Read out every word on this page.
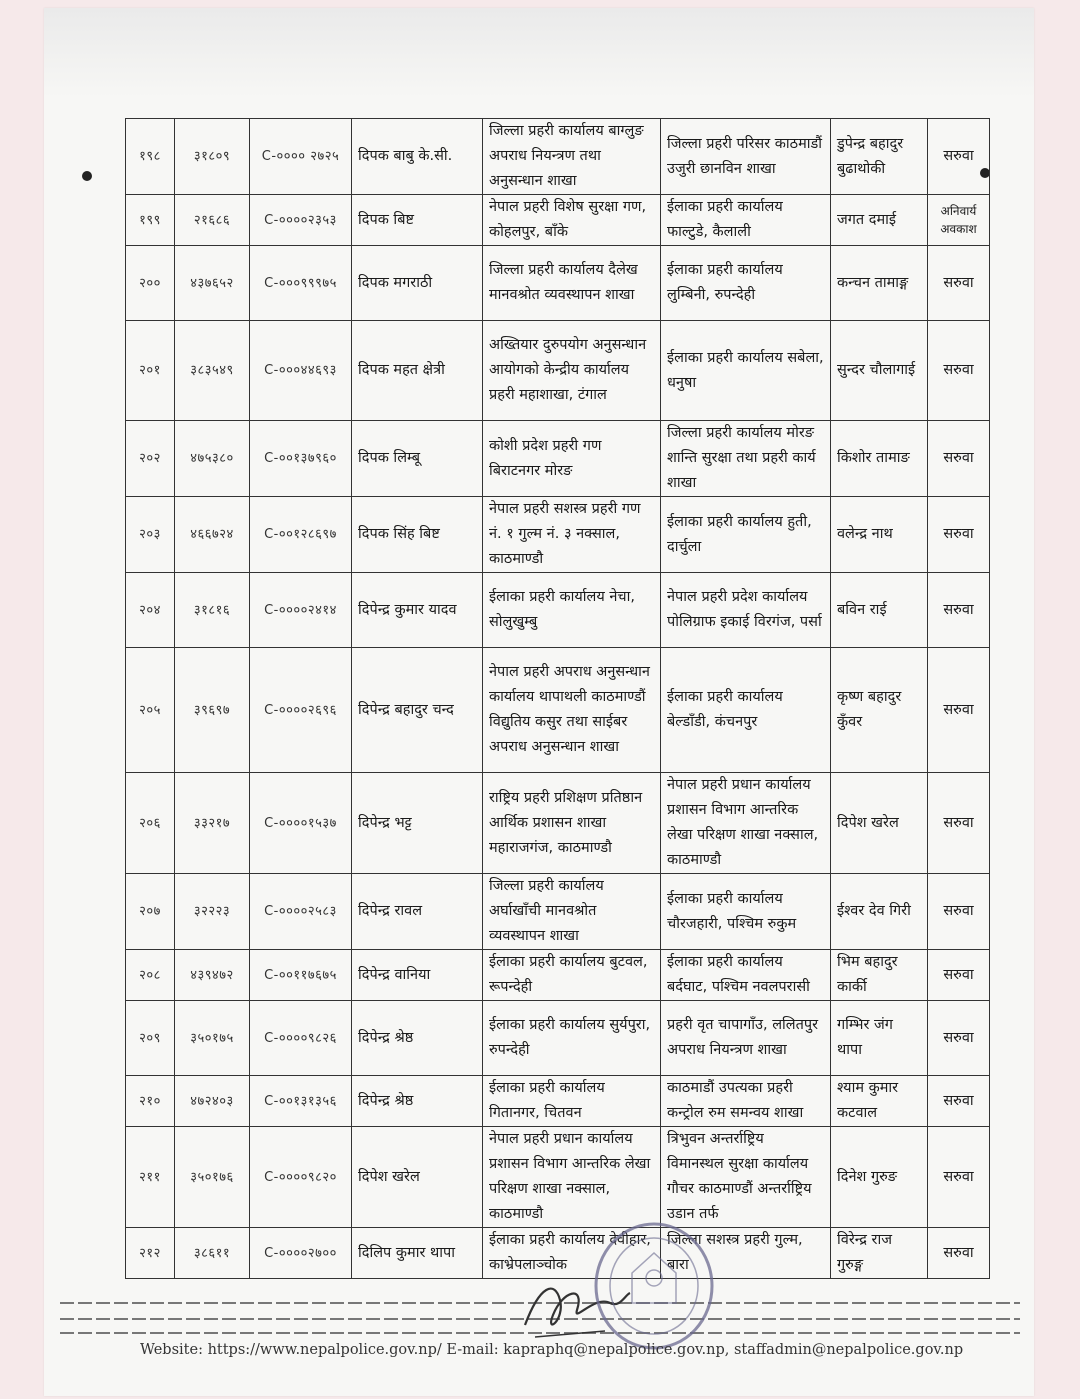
१९८	३१८०९	C-०००० २७२५	दिपक बाबु के.सी.	जिल्ला प्रहरी कार्यालय बाग्लुङ अपराध नियन्त्रण तथा अनुसन्धान शाखा	जिल्ला प्रहरी परिसर काठमाडौं उजुरी छानविन शाखा	डुपेन्द्र बहादुर बुढाथोकी	सरुवा
१९९	२१६८६	C-००००२३५३	दिपक बिष्ट	नेपाल प्रहरी विशेष सुरक्षा गण, कोहलपुर, बाँके	ईलाका प्रहरी कार्यालय फाल्टुडे, कैलाली	जगत दमाई	अनिवार्य अवकाश
२००	४३७६५२	C-०००९९९७५	दिपक मगराठी	जिल्ला प्रहरी कार्यालय दैलेख मानवश्रोत व्यवस्थापन शाखा	ईलाका प्रहरी कार्यालय लुम्बिनी, रुपन्देही	कन्चन तामाङ्ग	सरुवा
२०१	३८३५४९	C-०००४४६९३	दिपक महत क्षेत्री	अख्तियार दुरुपयोग अनुसन्धान आयोगको केन्द्रीय कार्यालय प्रहरी महाशाखा, टंगाल	ईलाका प्रहरी कार्यालय सबेला, धनुषा	सुन्दर चौलागाई	सरुवा
२०२	४७५३८०	C-००१३७९६०	दिपक लिम्बू	कोशी प्रदेश प्रहरी गण बिराटनगर मोरङ	जिल्ला प्रहरी कार्यालय मोरङ शान्ति सुरक्षा तथा प्रहरी कार्य शाखा	किशोर तामाङ	सरुवा
२०३	४६६७२४	C-००१२८६९७	दिपक सिंह बिष्ट	नेपाल प्रहरी सशस्त्र प्रहरी गण नं. १ गुल्म नं. ३ नक्साल, काठमाण्डौ	ईलाका प्रहरी कार्यालय हुती, दार्चुला	वलेन्द्र नाथ	सरुवा
२०४	३१८१६	C-००००२४१४	दिपेन्द्र कुमार यादव	ईलाका प्रहरी कार्यालय नेचा, सोलुखुम्बु	नेपाल प्रहरी प्रदेश कार्यालय पोलिग्राफ इकाई विरगंज, पर्सा	बविन राई	सरुवा
२०५	३९६९७	C-००००२६९६	दिपेन्द्र बहादुर चन्द	नेपाल प्रहरी अपराध अनुसन्धान कार्यालय थापाथली काठमाण्डौं विद्युतिय कसुर तथा साईबर अपराध अनुसन्धान शाखा	ईलाका प्रहरी कार्यालय बेल्डाँडी, कंचनपुर	कृष्ण बहादुर कुँवर	सरुवा
२०६	३३२१७	C-००००१५३७	दिपेन्द्र भट्ट	राष्ट्रिय प्रहरी प्रशिक्षण प्रतिष्ठान आर्थिक प्रशासन शाखा महाराजगंज, काठमाण्डौ	नेपाल प्रहरी प्रधान कार्यालय प्रशासन विभाग आन्तरिक लेखा परिक्षण शाखा नक्साल, काठमाण्डौ	दिपेश खरेल	सरुवा
२०७	३२२२३	C-००००२५८३	दिपेन्द्र रावल	जिल्ला प्रहरी कार्यालय अर्घाखाँची मानवश्रोत व्यवस्थापन शाखा	ईलाका प्रहरी कार्यालय चौरजहारी, पश्चिम रुकुम	ईश्वर देव गिरी	सरुवा
२०८	४३९४७२	C-००११७६७५	दिपेन्द्र वानिया	ईलाका प्रहरी कार्यालय बुटवल, रूपन्देही	ईलाका प्रहरी कार्यालय बर्दघाट, पश्चिम नवलपरासी	भिम बहादुर कार्की	सरुवा
२०९	३५०१७५	C-००००९८२६	दिपेन्द्र श्रेष्ठ	ईलाका प्रहरी कार्यालय सुर्यपुरा, रुपन्देही	प्रहरी वृत चापागाँउ, ललितपुर अपराध नियन्त्रण शाखा	गम्भिर जंग थापा	सरुवा
२१०	४७२४०३	C-००१३१३५६	दिपेन्द्र श्रेष्ठ	ईलाका प्रहरी कार्यालय गितानगर, चितवन	काठमाडौं उपत्यका प्रहरी कन्ट्रोल रुम समन्वय शाखा	श्याम कुमार कटवाल	सरुवा
२११	३५०१७६	C-००००९८२०	दिपेश खरेल	नेपाल प्रहरी प्रधान कार्यालय प्रशासन विभाग आन्तरिक लेखा परिक्षण शाखा नक्साल, काठमाण्डौ	त्रिभुवन अन्तर्राष्ट्रिय विमानस्थल सुरक्षा कार्यालय गौचर काठमाण्डौं अन्तर्राष्ट्रिय उडान तर्फ	दिनेश गुरुङ	सरुवा
२१२	३८६११	C-००००२७००	दिलिप कुमार थापा	ईलाका प्रहरी कार्यालय देवीहार, काभ्रेपलाञ्चोक	जिल्ला सशस्त्र प्रहरी गुल्म, बारा	विरेन्द्र राज गुरुङ्ग	सरुवा
Website: https://www.nepalpolice.gov.np/ E-mail: kapraphq@nepalpolice.gov.np, staffadmin@nepalpolice.gov.np
